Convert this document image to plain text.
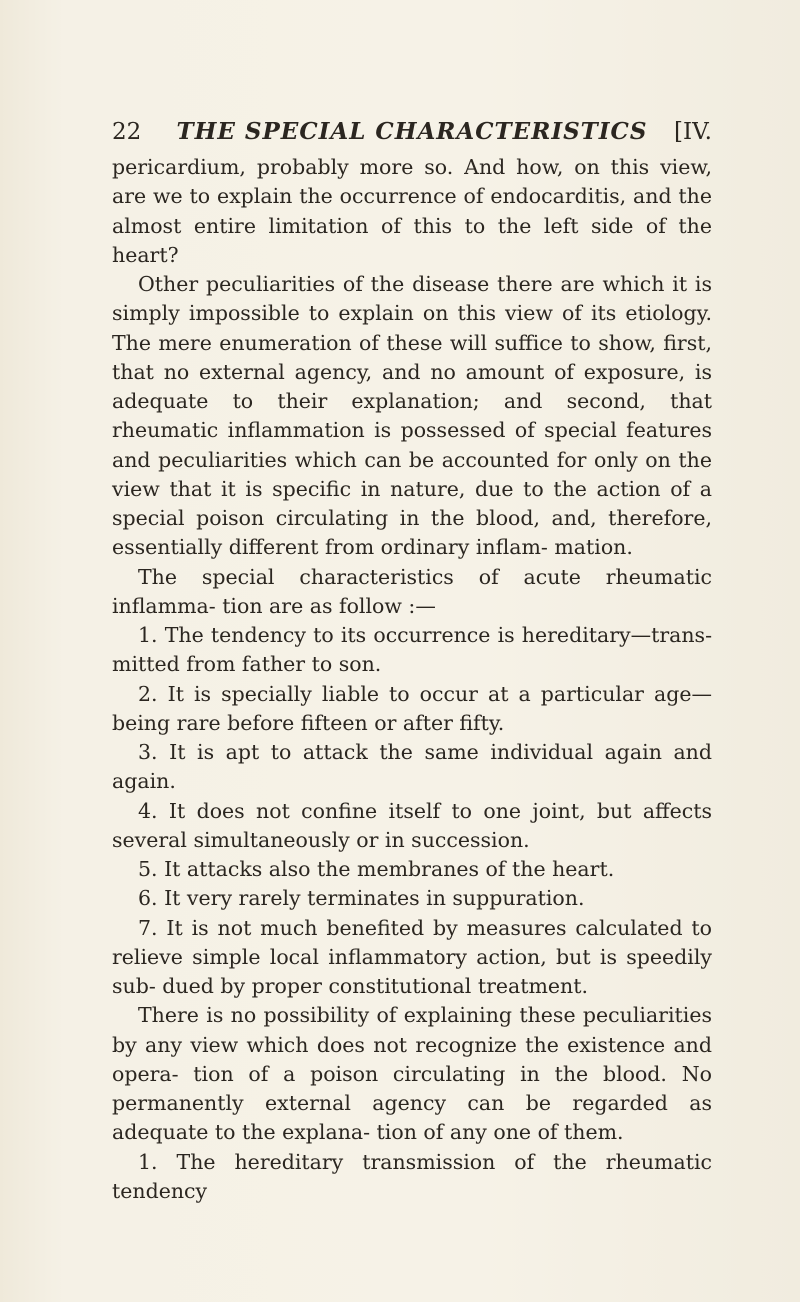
22	THE SPECIAL CHARACTERISTICS	[IV.

pericardium, probably more so. And how, on this view, are we to explain the occurrence of endocarditis, and the almost entire limitation of this to the left side of the heart?

Other peculiarities of the disease there are which it is simply impossible to explain on this view of its etiology. The mere enumeration of these will suffice to show, first, that no external agency, and no amount of exposure, is adequate to their explanation; and second, that rheumatic inflammation is possessed of special features and peculiarities which can be accounted for only on the view that it is specific in nature, due to the action of a special poison circulating in the blood, and, therefore, essentially different from ordinary inflam- mation.

The special characteristics of acute rheumatic inflamma- tion are as follow :—

1. The tendency to its occurrence is hereditary—trans- mitted from father to son.

2. It is specially liable to occur at a particular age— being rare before fifteen or after fifty.

3. It is apt to attack the same individual again and again.

4. It does not confine itself to one joint, but affects several simultaneously or in succession.

5. It attacks also the membranes of the heart.

6. It very rarely terminates in suppuration.

7. It is not much benefited by measures calculated to relieve simple local inflammatory action, but is speedily sub- dued by proper constitutional treatment.

There is no possibility of explaining these peculiarities by any view which does not recognize the existence and opera- tion of a poison circulating in the blood. No permanently external agency can be regarded as adequate to the explana- tion of any one of them.

1. The hereditary transmission of the rheumatic tendency
